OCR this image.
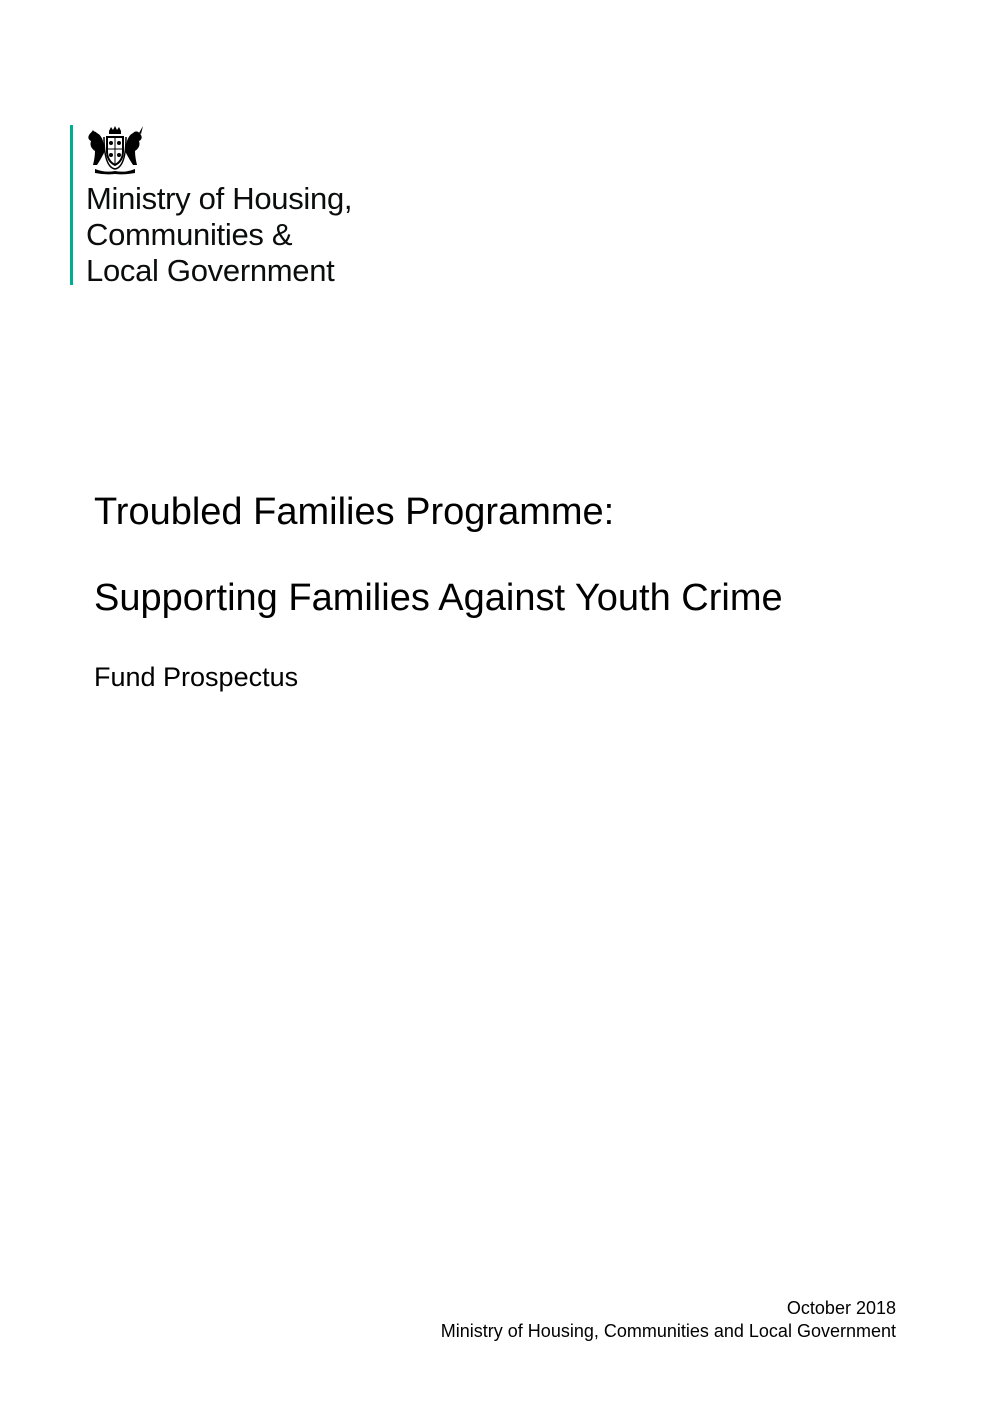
Ministry of Housing,
Communities &
Local Government
Troubled Families Programme:
Supporting Families Against Youth Crime
Fund Prospectus
October 2018
Ministry of Housing, Communities and Local Government
